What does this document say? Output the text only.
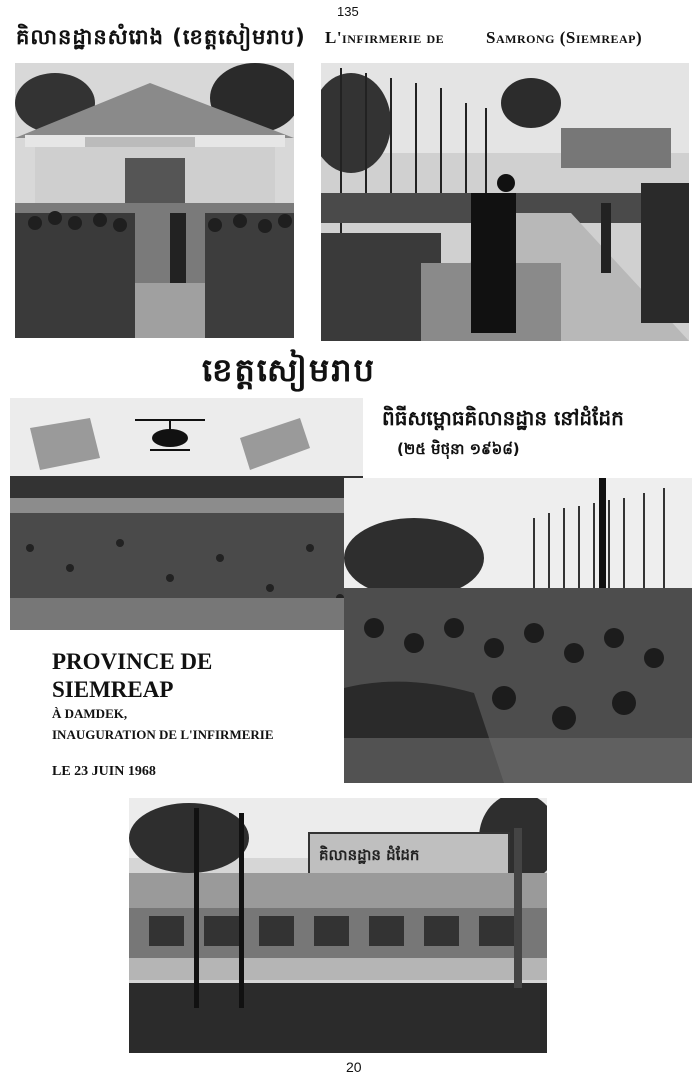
135
គិលានដ្ឋានសំរោង (ខេត្តសៀមរាប) L'infirmerie de Samrong (Siemreap)
ខេត្តសៀមរាប
ពិធីសម្ពោធគិលានដ្ឋាន នៅដំដែក
(២៥ មិថុនា ១៩៦៨)
PROVINCE DE
SIEMREAP
À DAMDEK,
INAUGURATION DE L'INFIRMERIE
LE 23 JUIN 1968
គិលានដ្ឋាន ដំដែក
20
